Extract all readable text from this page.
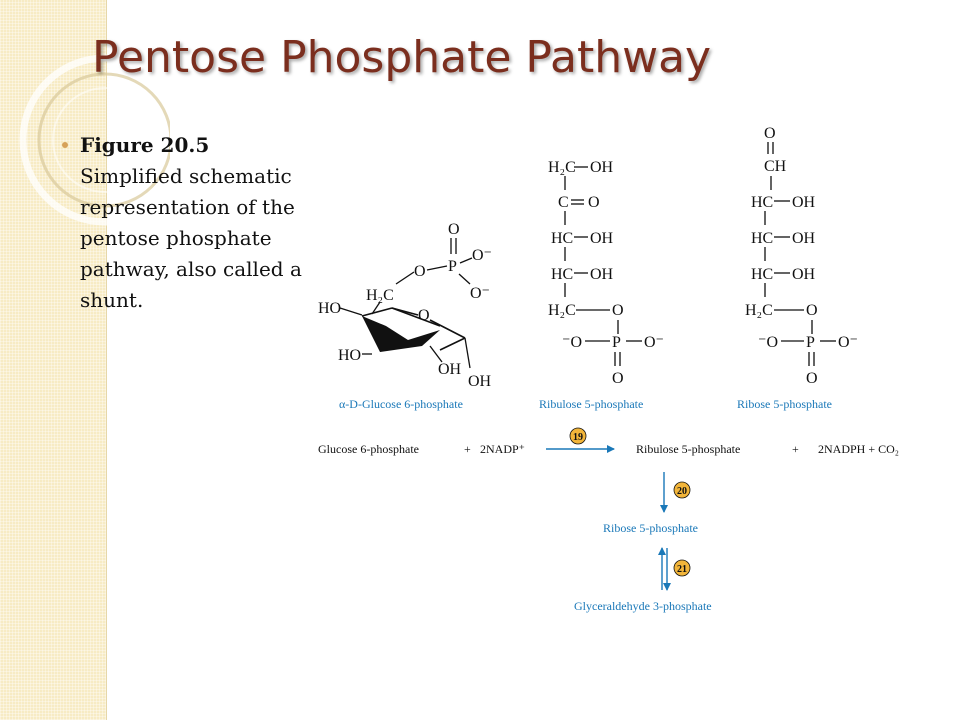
Pentose Phosphate Pathway

Figure 20.5 Simplified schematic representation of the pentose phosphate pathway, also called a shunt.

O
O P
O⁻
O⁻
H₂C
HO	O
HO
OH
OH
H₂C OH
C O
HC OH
HC OH
H₂C O
⁻O P O⁻
O
O
CH
HC OH
HC OH
HC OH
H₂C O
⁻O P O⁻
O
α-D-Glucose 6-phosphate	Ribulose 5-phosphate	Ribose 5-phosphate
Glucose 6-phosphate	+ 2NADP⁺
19
Ribulose 5-phosphate	+ 2NADPH + CO₂
20
Ribose 5-phosphate
21
Glyceraldehyde 3-phosphate
